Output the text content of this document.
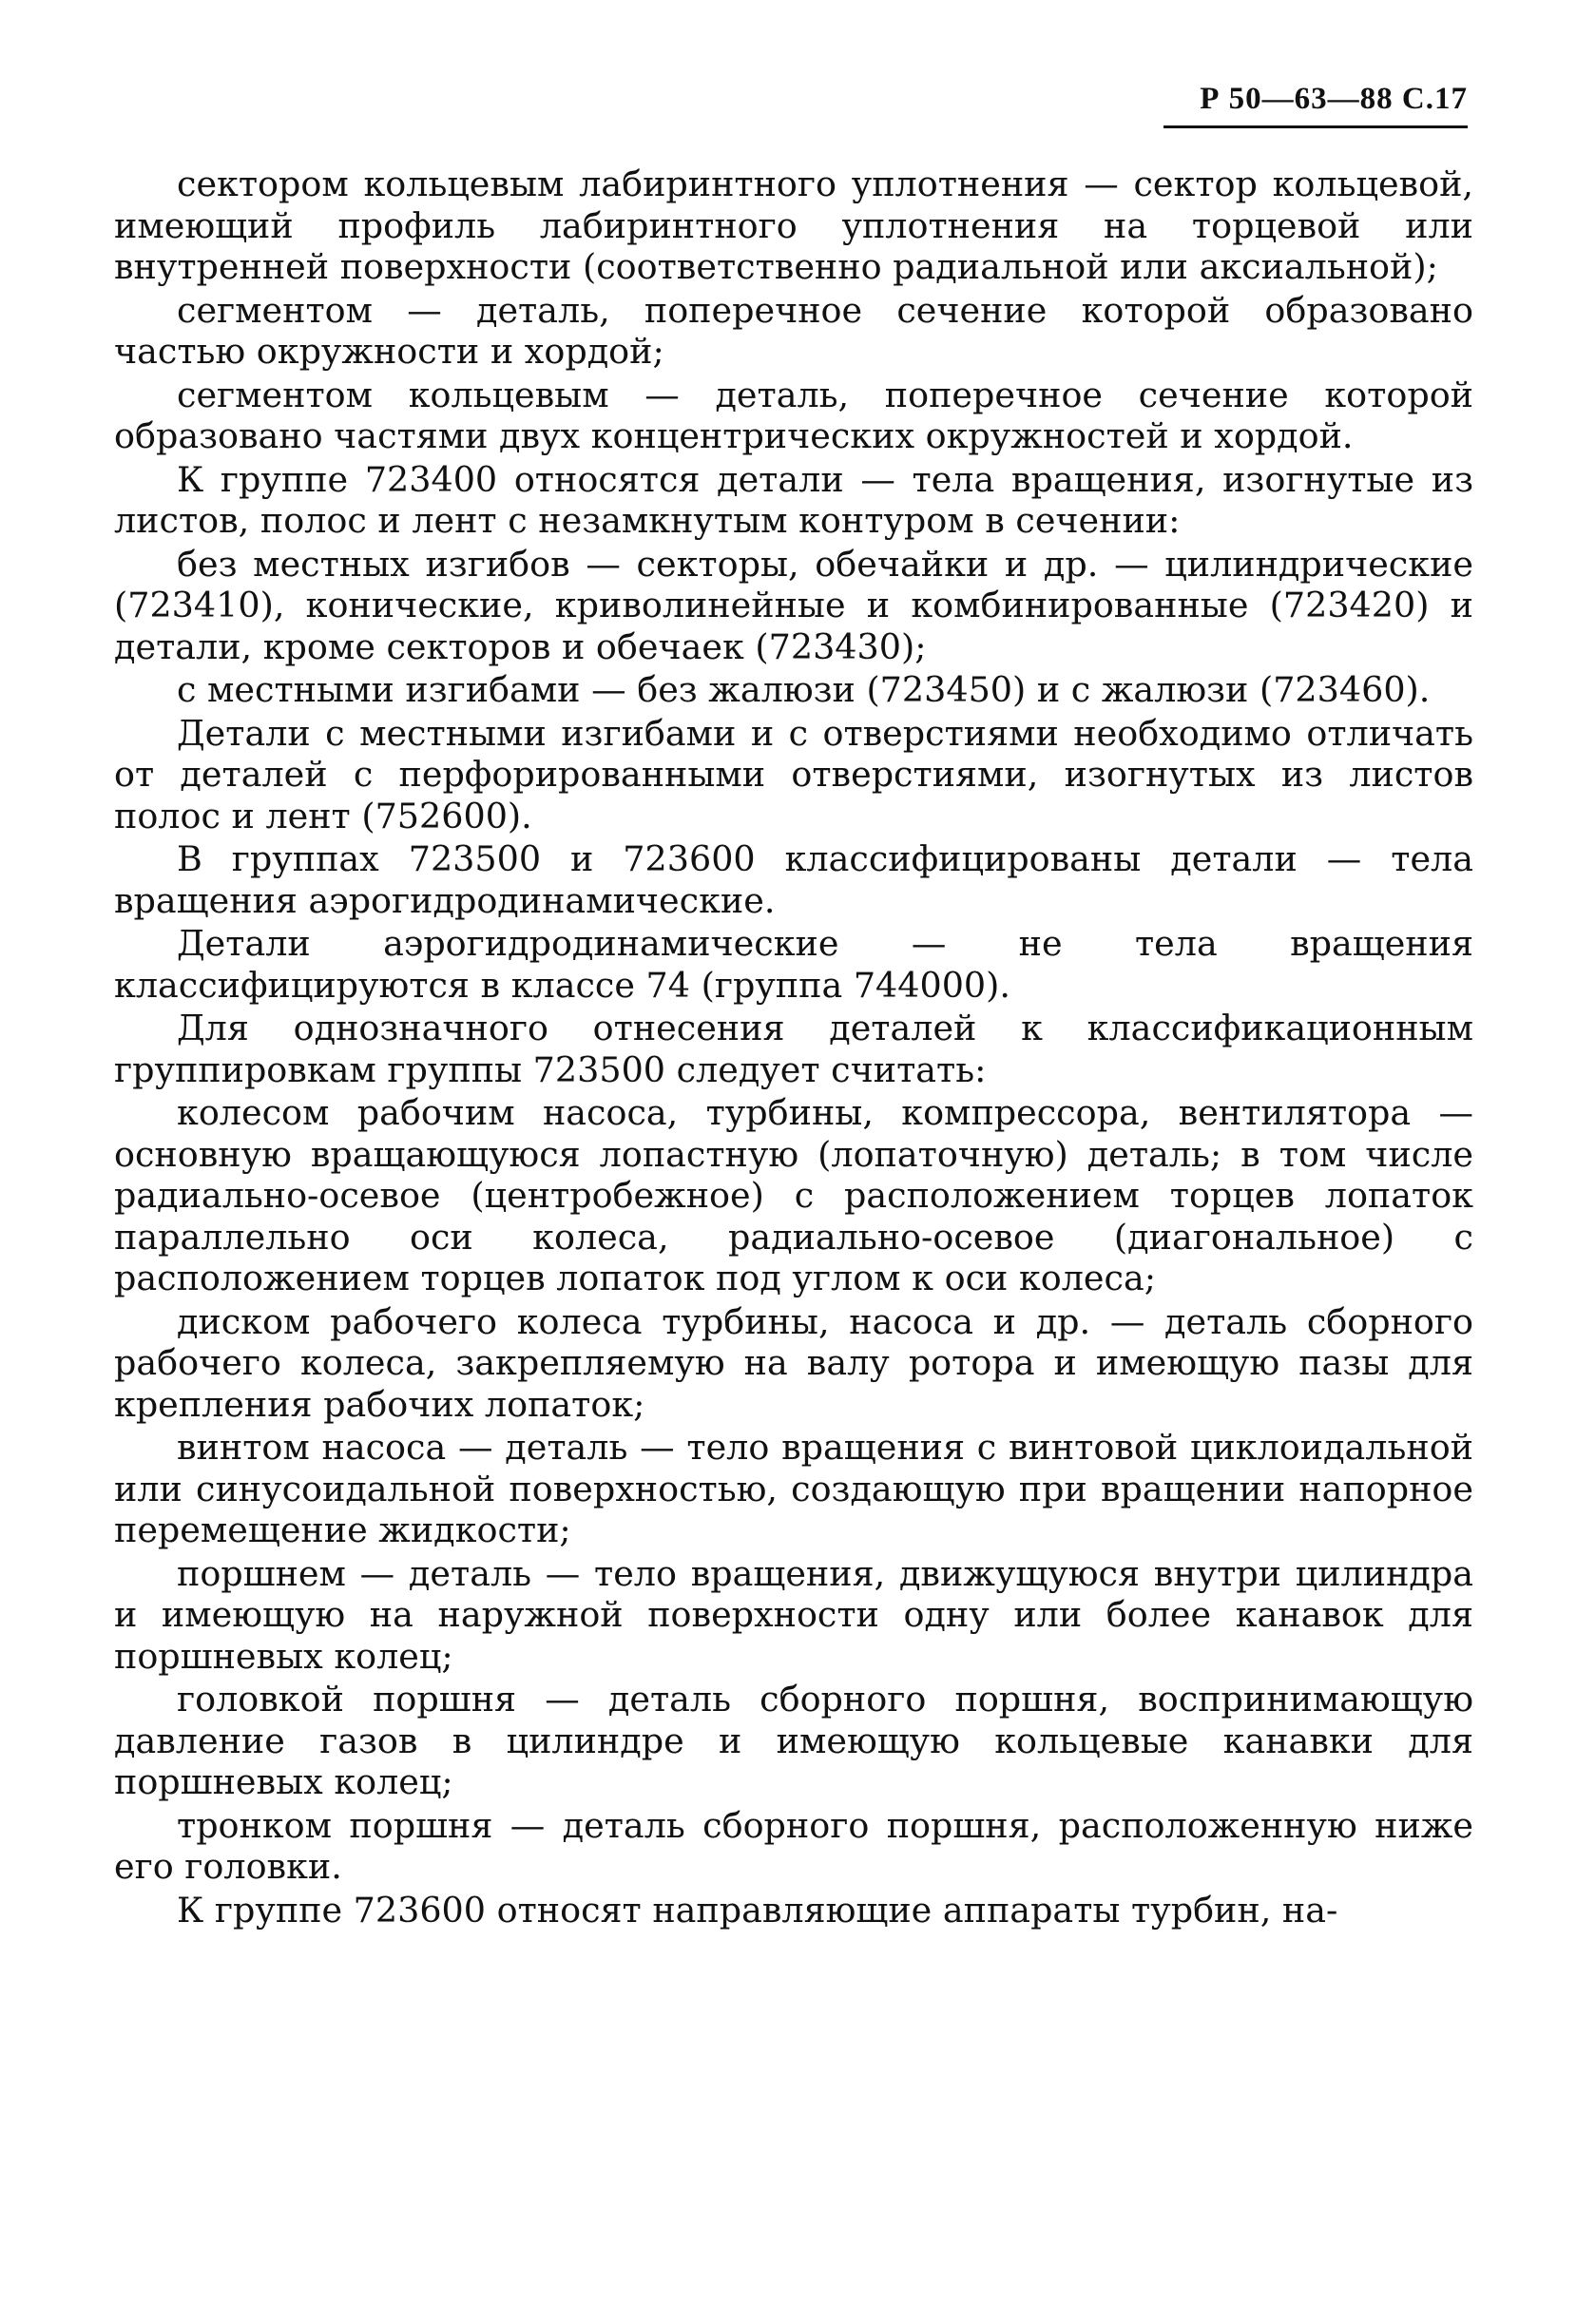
Р 50—63—88 С.17

сектором кольцевым лабиринтного уплотнения — сектор кольцевой, имеющий профиль лабиринтного уплотнения на торцевой или внутренней поверхности (соответственно радиальной или аксиальной);

сегментом — деталь, поперечное сечение которой образовано частью окружности и хордой;

сегментом кольцевым — деталь, поперечное сечение которой образовано частями двух концентрических окружностей и хордой.

К группе 723400 относятся детали — тела вращения, изогнутые из листов, полос и лент с незамкнутым контуром в сечении:

без местных изгибов — секторы, обечайки и др. — цилиндрические (723410), конические, криволинейные и комбинированные (723420) и детали, кроме секторов и обечаек (723430);

с местными изгибами — без жалюзи (723450) и с жалюзи (723460).

Детали с местными изгибами и с отверстиями необходимо отличать от деталей с перфорированными отверстиями, изогнутых из листов полос и лент (752600).

В группах 723500 и 723600 классифицированы детали — тела вращения аэрогидродинамические.

Детали аэрогидродинамические — не тела вращения классифицируются в классе 74 (группа 744000).

Для однозначного отнесения деталей к классификационным группировкам группы 723500 следует считать:

колесом рабочим насоса, турбины, компрессора, вентилятора — основную вращающуюся лопастную (лопаточную) деталь; в том числе радиально-осевое (центробежное) с расположением торцев лопаток параллельно оси колеса, радиально-осевое (диагональное) с расположением торцев лопаток под углом к оси колеса;

диском рабочего колеса турбины, насоса и др. — деталь сборного рабочего колеса, закрепляемую на валу ротора и имеющую пазы для крепления рабочих лопаток;

винтом насоса — деталь — тело вращения с винтовой циклоидальной или синусоидальной поверхностью, создающую при вращении напорное перемещение жидкости;

поршнем — деталь — тело вращения, движущуюся внутри цилиндра и имеющую на наружной поверхности одну или более канавок для поршневых колец;

головкой поршня — деталь сборного поршня, воспринимающую давление газов в цилиндре и имеющую кольцевые канавки для поршневых колец;

тронком поршня — деталь сборного поршня, расположенную ниже его головки.

К группе 723600 относят направляющие аппараты турбин, на-
